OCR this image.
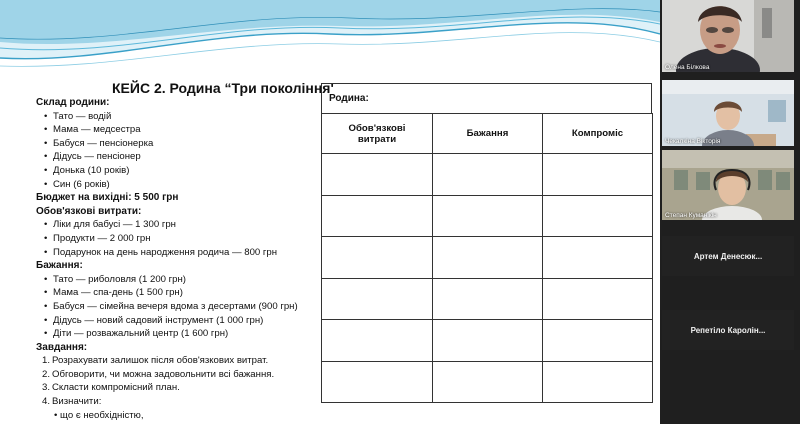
КЕЙС 2. Родина “Три покоління'
Склад родини:
• Тато — водій
• Мама — медсестра
• Бабуся — пенсіонерка
• Дідусь — пенсіонер
• Донька (10 років)
• Син (6 років)
Бюджет на вихідні: 5 500 грн
Обов'язкові витрати:
• Ліки для бабусі — 1 300 грн
• Продукти — 2 000 грн
• Подарунок на день народження родича — 800 грн
Бажання:
• Тато — риболовля (1 200 грн)
• Мама — спа-день (1 500 грн)
• Бабуся — сімейна вечеря вдома з десертами (900 грн)
• Дідусь — новий садовий інструмент (1 000 грн)
• Діти — розважальний центр (1 600 грн)
Завдання:
1. Розрахувати залишок після обов'язкових витрат.
2. Обговорити, чи можна задовольнити всі бажання.
3. Скласти компромісний план.
4. Визначити:
• що є необхідністю,
Родина:
Обов'язкові
витрати	Бажання	Компроміс

Олена Білкова
Чекалкіна Вікторія
Степан Куманікін
Артем Денесюк...
Репетіло Каролін...
